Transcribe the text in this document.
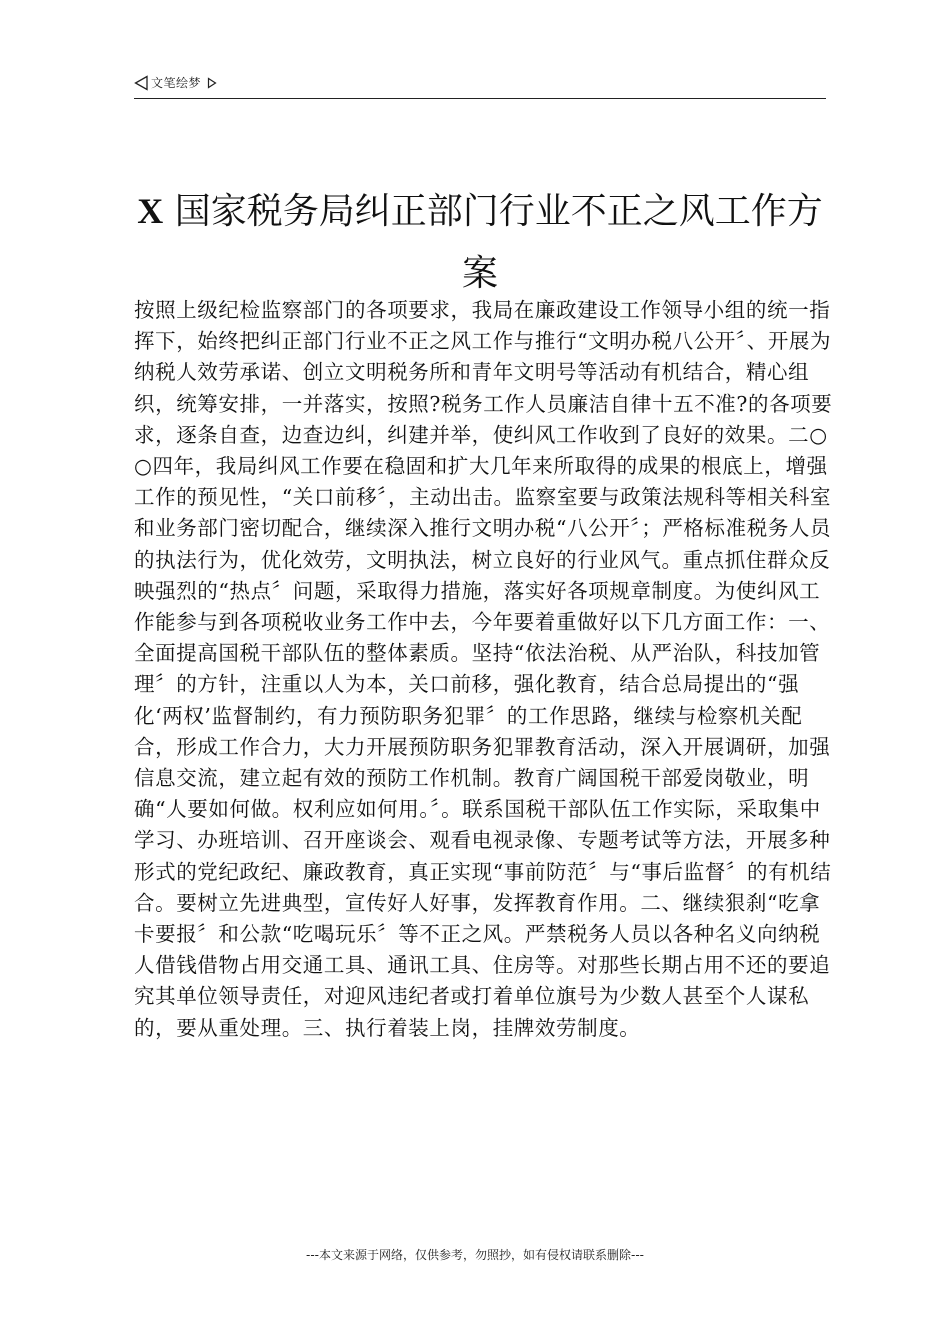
文笔绘梦
X 国家税务局纠正部门行业不正之风工作方案

按照上级纪检监察部门的各项要求，我局在廉政建设工作领导小组的统一指挥下，始终把纠正部门行业不正之风工作与推行“文明办税八公开〞、开展为纳税人效劳承诺、创立文明税务所和青年文明号等活动有机结合，精心组织，统筹安排，一并落实，按照?税务工作人员廉洁自律十五不准?的各项要求，逐条自查，边查边纠，纠建并举，使纠风工作收到了良好的效果。二○○四年，我局纠风工作要在稳固和扩大几年来所取得的成果的根底上，增强工作的预见性，“关口前移〞，主动出击。监察室要与政策法规科等相关科室和业务部门密切配合，继续深入推行文明办税“八公开〞；严格标准税务人员的执法行为，优化效劳，文明执法，树立良好的行业风气。重点抓住群众反映强烈的“热点〞问题，采取得力措施，落实好各项规章制度。为使纠风工作能参与到各项税收业务工作中去，今年要着重做好以下几方面工作：一、全面提高国税干部队伍的整体素质。坚持“依法治税、从严治队，科技加管理〞的方针，注重以人为本，关口前移，强化教育，结合总局提出的“强化‘两权’监督制约，有力预防职务犯罪〞的工作思路，继续与检察机关配合，形成工作合力，大力开展预防职务犯罪教育活动，深入开展调研，加强信息交流，建立起有效的预防工作机制。教育广阔国税干部爱岗敬业，明确“人要如何做。权利应如何用。〞。联系国税干部队伍工作实际，采取集中学习、办班培训、召开座谈会、观看电视录像、专题考试等方法，开展多种形式的党纪政纪、廉政教育，真正实现“事前防范〞与“事后监督〞的有机结合。要树立先进典型，宣传好人好事，发挥教育作用。二、继续狠刹“吃拿卡要报〞和公款“吃喝玩乐〞等不正之风。严禁税务人员以各种名义向纳税人借钱借物占用交通工具、通讯工具、住房等。对那些长期占用不还的要追究其单位领导责任，对迎风违纪者或打着单位旗号为少数人甚至个人谋私的，要从重处理。三、执行着装上岗，挂牌效劳制度。

---本文来源于网络，仅供参考，勿照抄，如有侵权请联系删除---
